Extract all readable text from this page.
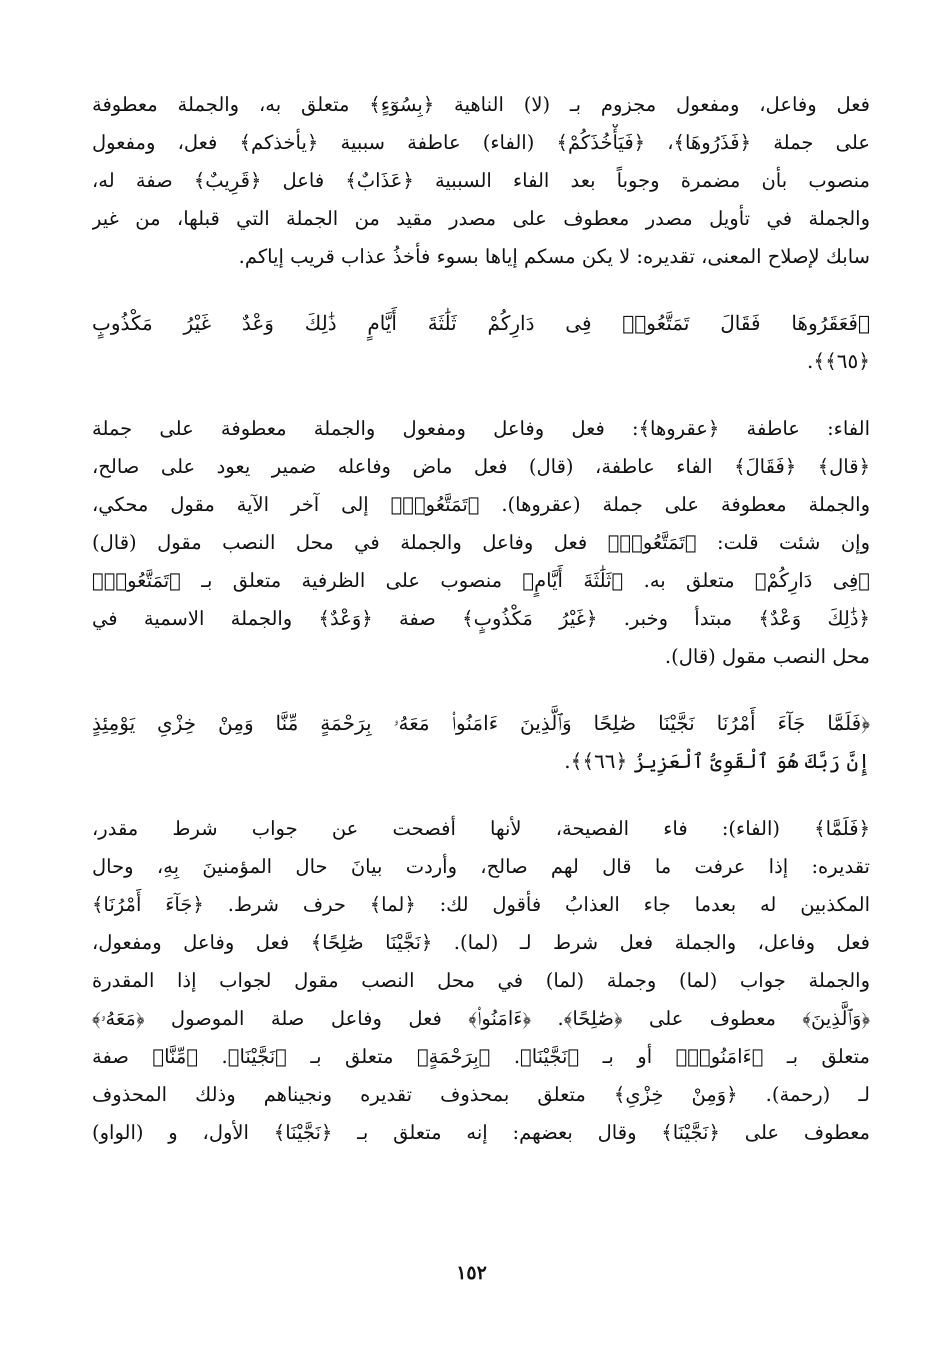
فعل وفاعل، ومفعول مجزوم بـ (لا) الناهية ﴿بِسُوٓءٍ﴾ متعلق به، والجملة معطوفة
على جملة ﴿فَذَرُوهَا﴾، ﴿فَيَأْخُذَكُمْ﴾ (الفاء) عاطفة سببية ﴿يأخذكم﴾ فعل، ومفعول
منصوب بأن مضمرة وجوباً بعد الفاء السببية ﴿عَذَابٌ﴾ فاعل ﴿قَرِيبٌ﴾ صفة له،
والجملة في تأويل مصدر معطوف على مصدر مقيد من الجملة التي قبلها، من غير
سابك لإصلاح المعنى، تقديره: لا يكن مسكم إياها بسوء فأخذُ عذاب قريب إياكم.
﴿فَعَقَرُوهَا فَقَالَ تَمَتَّعُوا۟ فِى دَارِكُمْ ثَلَٰثَةَ أَيَّامٍ ذَٰلِكَ وَعْدٌ غَيْرُ مَكْذُوبٍ
﴿٦٥﴾﴾.
الفاء: عاطفة ﴿عقروها﴾: فعل وفاعل ومفعول والجملة معطوفة على جملة
﴿قال﴾ ﴿فَقَالَ﴾ الفاء عاطفة، (قال) فعل ماض وفاعله ضمير يعود على صالح،
والجملة معطوفة على جملة (عقروها). ﴿تَمَتَّعُوا۟﴾ إلى آخر الآية مقول محكي،
وإن شئت قلت: ﴿تَمَتَّعُوا۟﴾ فعل وفاعل والجملة في محل النصب مقول (قال)
﴿فِى دَارِكُمْ﴾ متعلق به. ﴿ثَلَٰثَةَ أَيَّامٍ﴾ منصوب على الظرفية متعلق بـ ﴿تَمَتَّعُوا۟﴾
﴿ذَٰلِكَ وَعْدٌ﴾ مبتدأ وخبر. ﴿غَيْرُ مَكْذُوبٍ﴾ صفة ﴿وَعْدٌ﴾ والجملة الاسمية في
محل النصب مقول (قال).
﴿فَلَمَّا جَآءَ أَمْرُنَا نَجَّيْنَا صَٰلِحًا وَٱلَّذِينَ ءَامَنُوا۟ مَعَهُۥ بِرَحْمَةٍ مِّنَّا وَمِنْ خِزْىِ يَوْمِئِذٍ
إِنَّ رَبَّكَ هُوَ ٱلْقَوِىُّ ٱلْعَزِيزُ ﴿٦٦﴾﴾.
﴿فَلَمَّا﴾ (الفاء): فاء الفصيحة، لأنها أفصحت عن جواب شرط مقدر،
تقديره: إذا عرفت ما قال لهم صالح، وأردت بيانَ حال المؤمنينَ بِهِ، وحال
المكذبين له بعدما جاء العذابُ فأقول لك: ﴿لما﴾ حرف شرط. ﴿جَآءَ أَمْرُنَا﴾
فعل وفاعل، والجملة فعل شرط لـ (لما). ﴿نَجَّيْنَا صَٰلِحًا﴾ فعل وفاعل ومفعول،
والجملة جواب (لما) وجملة (لما) في محل النصب مقول لجواب إذا المقدرة
﴿وَٱلَّذِينَ﴾ معطوف على ﴿صَٰلِحًا﴾. ﴿ءَامَنُوا۟﴾ فعل وفاعل صلة الموصول ﴿مَعَهُۥ﴾
متعلق بـ ﴿ءَامَنُوا۟﴾ أو بـ ﴿نَجَّيْنَا﴾. ﴿بِرَحْمَةٍ﴾ متعلق بـ ﴿نَجَّيْنَا﴾. ﴿مِّنَّا﴾ صفة
لـ (رحمة). ﴿وَمِنْ خِزْىِ﴾ متعلق بمحذوف تقديره ونجيناهم وذلك المحذوف
معطوف على ﴿نَجَّيْنَا﴾ وقال بعضهم: إنه متعلق بـ ﴿نَجَّيْنَا﴾ الأول، و (الواو)
١٥٢
